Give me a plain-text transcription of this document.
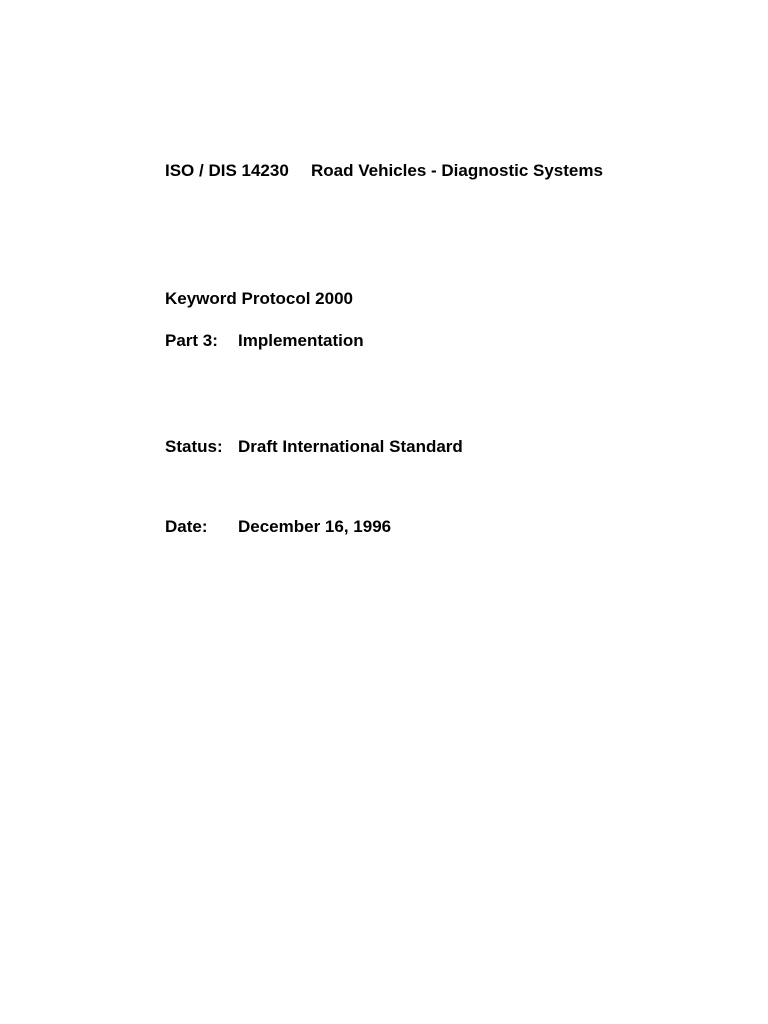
ISO / DIS 14230 Road Vehicles - Diagnostic Systems
Keyword Protocol 2000
Part 3: Implementation
Status: Draft International Standard
Date: December 16, 1996
